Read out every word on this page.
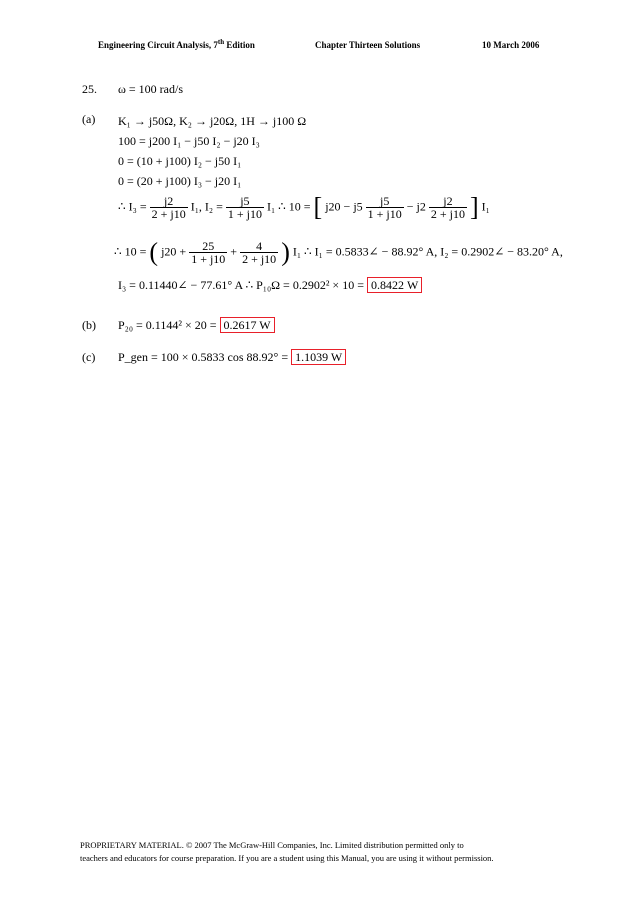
Engineering Circuit Analysis, 7th Edition	Chapter Thirteen Solutions	10 March 2006
25. ω = 100 rad/s
(a) K₁ → j50Ω, K₂ → j20Ω, 1H → j100 Ω
100 = j200 I₁ − j50 I₂ − j20 I₃
0 = (10 + j100) I₂ − j50 I₁
0 = (20 + j100) I₃ − j20 I₁
∴ $I_3 = \frac{j2}{2 + j10} I_1$, $I_2 = \frac{j5}{1 + j10} I_1$ ∴ 10 = [ $j20 - j5 \frac{j5}{1 + j10} - j2 \frac{j2}{2 + j10}$ ] I₁
∴ 10 = ( $j20 + \frac{25}{1 + j10} + \frac{4}{2 + j10}$ ) I₁ ∴ I₁ = 0.5833∠ − 88.92° A, I₂ = 0.2902∠ − 83.20° A,
I₃ = 0.11440∠ − 77.61° A ∴ P₁₀Ω = 0.2902² × 10 = 0.8422 W
(b) P₂₀ = 0.1144² × 20 = 0.2617 W
(c) P_gen = 100 × 0.5833 cos 88.92° = 1.1039 W
PROPRIETARY MATERIAL. © 2007 The McGraw-Hill Companies, Inc. Limited distribution permitted only to
teachers and educators for course preparation. If you are a student using this Manual, you are using it without permission.
